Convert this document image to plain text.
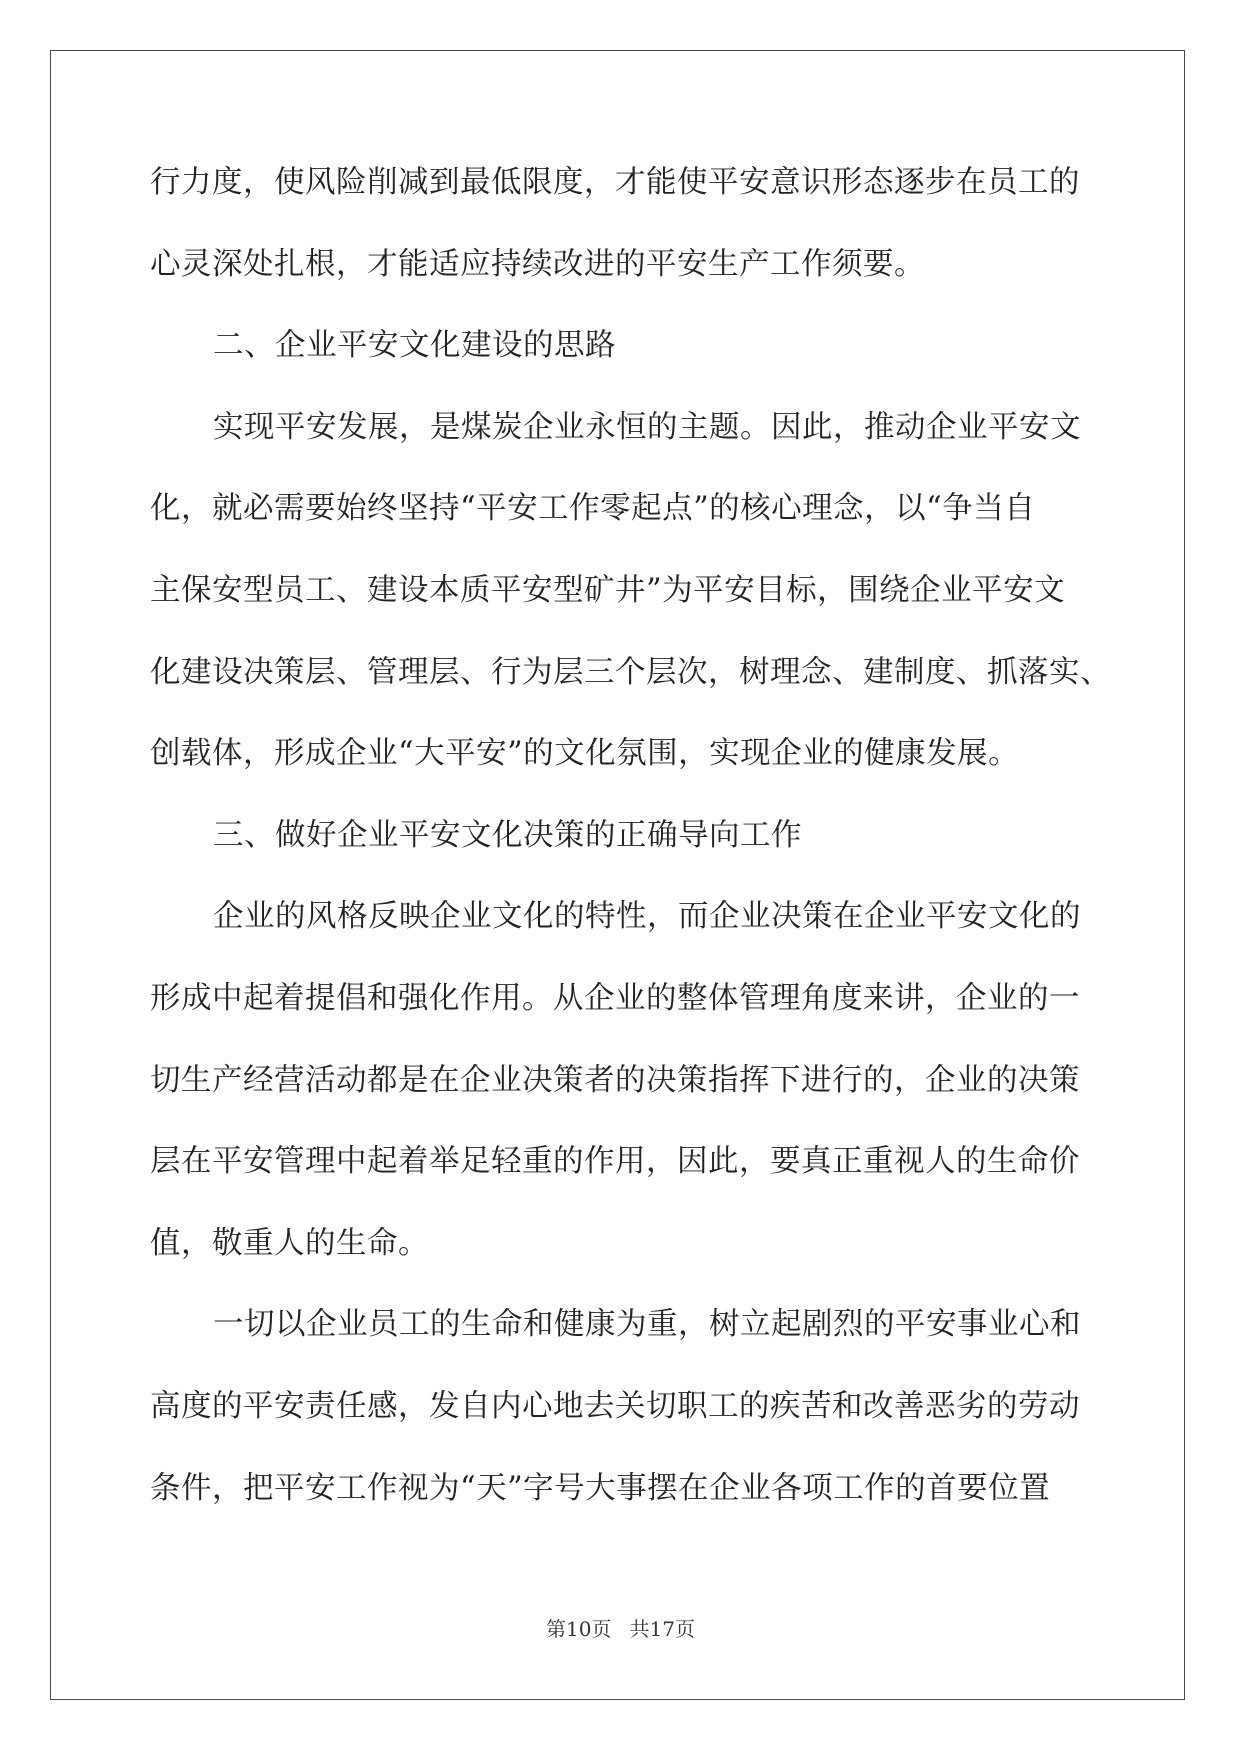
行力度，使风险削减到最低限度，才能使平安意识形态逐步在员工的
心灵深处扎根，才能适应持续改进的平安生产工作须要。
二、企业平安文化建设的思路
实现平安发展，是煤炭企业永恒的主题。因此，推动企业平安文
化，就必需要始终坚持“平安工作零起点”的核心理念，以“争当自
主保安型员工、建设本质平安型矿井”为平安目标，围绕企业平安文
化建设决策层、管理层、行为层三个层次，树理念、建制度、抓落实、
创载体，形成企业“大平安”的文化氛围，实现企业的健康发展。
三、做好企业平安文化决策的正确导向工作
企业的风格反映企业文化的特性，而企业决策在企业平安文化的
形成中起着提倡和强化作用。从企业的整体管理角度来讲，企业的一
切生产经营活动都是在企业决策者的决策指挥下进行的，企业的决策
层在平安管理中起着举足轻重的作用，因此，要真正重视人的生命价
值，敬重人的生命。
一切以企业员工的生命和健康为重，树立起剧烈的平安事业心和
高度的平安责任感，发自内心地去关切职工的疾苦和改善恶劣的劳动
条件，把平安工作视为“天”字号大事摆在企业各项工作的首要位置
第10页 共17页
